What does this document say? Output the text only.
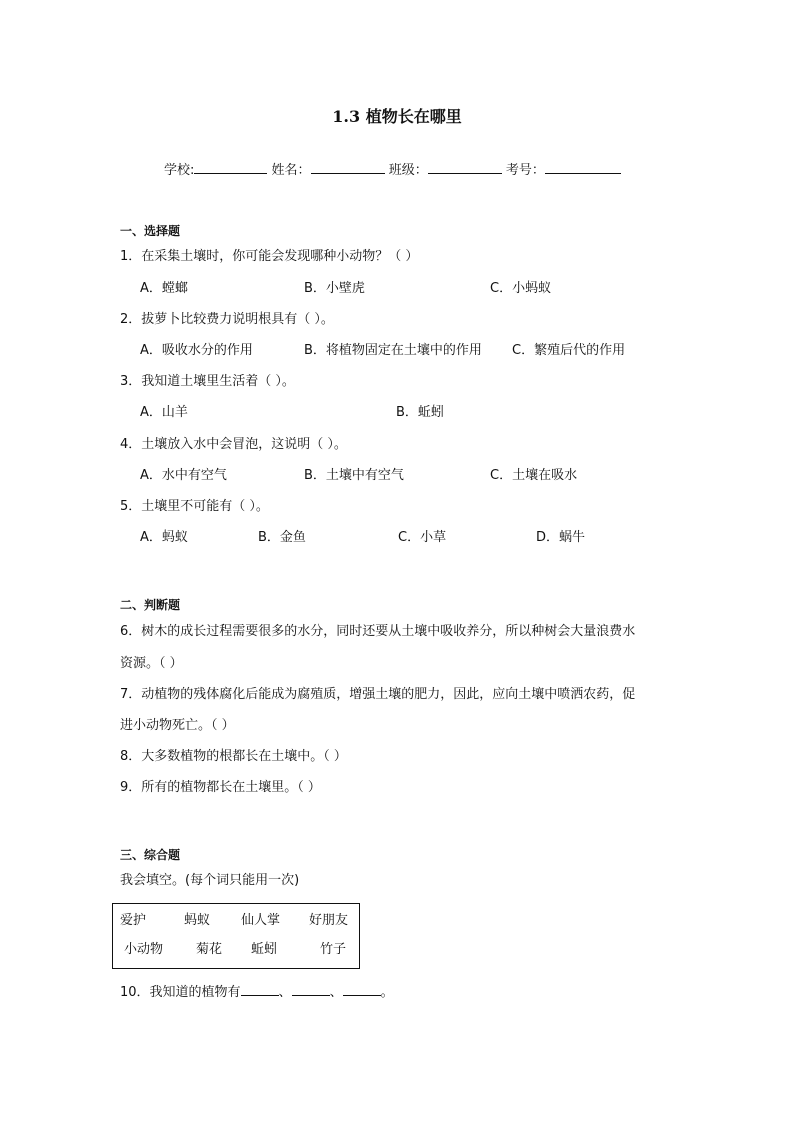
1.3 植物长在哪里
学校:	姓名：	班级：	考号：
一、选择题
1．在采集土壤时，你可能会发现哪种小动物？（ ）
A．螳螂	B．小壁虎	C．小蚂蚁
2．拔萝卜比较费力说明根具有（ ）。
A．吸收水分的作用	B．将植物固定在土壤中的作用 C．繁殖后代的作用
3．我知道土壤里生活着（ ）。
A．山羊	B．蚯蚓
4．土壤放入水中会冒泡，这说明（ ）。
A．水中有空气	B．土壤中有空气	C．土壤在吸水
5．土壤里不可能有（ ）。
A．蚂蚁	B．金鱼	C．小草	D．蜗牛
二、判断题
6．树木的成长过程需要很多的水分，同时还要从土壤中吸收养分，所以种树会大量浪费水
资源。（ ）
7．动植物的残体腐化后能成为腐殖质，增强土壤的肥力，因此，应向土壤中喷洒农药，促
进小动物死亡。（ ）
8．大多数植物的根都长在土壤中。（ ）
9．所有的植物都长在土壤里。（ ）
三、综合题
我会填空。(每个词只能用一次)
爱护	蚂蚁 仙人掌 好朋友
小动物	菊花 蚯蚓	竹子
10．我知道的植物有	、	、	。
